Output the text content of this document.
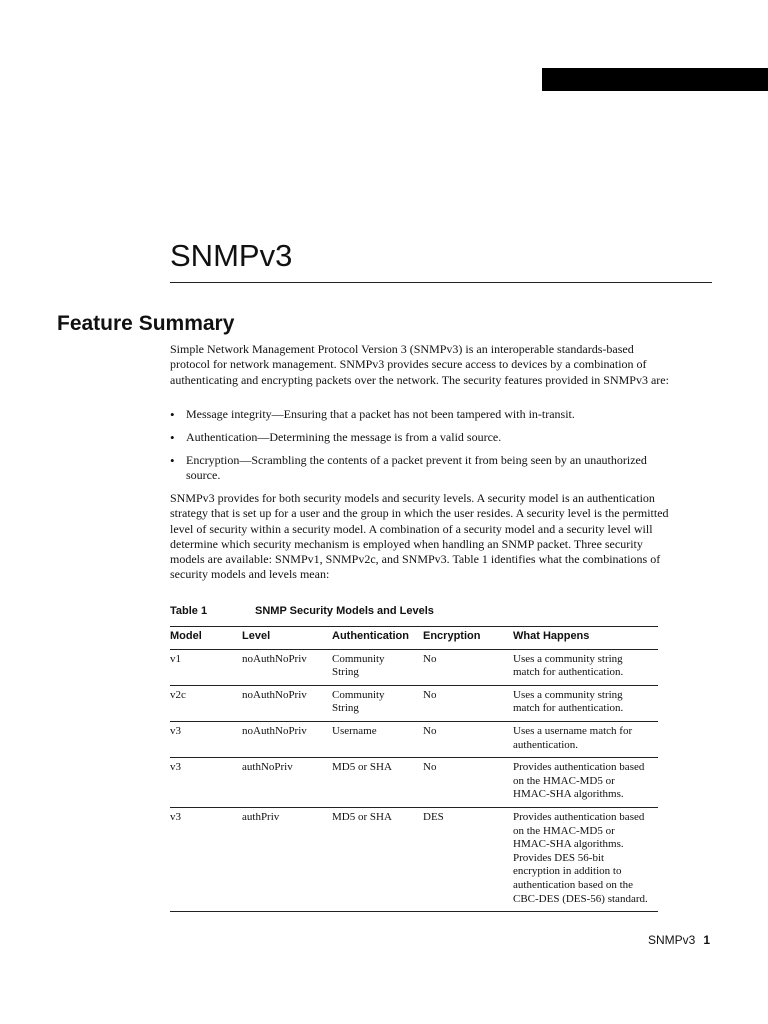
SNMPv3
Feature Summary

Simple Network Management Protocol Version 3 (SNMPv3) is an interoperable standards-based protocol for network management. SNMPv3 provides secure access to devices by a combination of authenticating and encrypting packets over the network. The security features provided in SNMPv3 are:

• Message integrity—Ensuring that a packet has not been tampered with in-transit.
• Authentication—Determining the message is from a valid source.
• Encryption—Scrambling the contents of a packet prevent it from being seen by an unauthorized source.

SNMPv3 provides for both security models and security levels. A security model is an authentication strategy that is set up for a user and the group in which the user resides. A security level is the permitted level of security within a security model. A combination of a security model and a security level will determine which security mechanism is employed when handling an SNMP packet. Three security models are available: SNMPv1, SNMPv2c, and SNMPv3. Table 1 identifies what the combinations of security models and levels mean:

Table 1	SNMP Security Models and Levels
Model	Level	Authentication	Encryption	What Happens
v1	noAuthNoPriv	Community String	No	Uses a community string match for authentication.

v2c	noAuthNoPriv	Community String	No	Uses a community string match for authentication.

v3	noAuthNoPriv	Username	No	Uses a username match for authentication.

v3	authNoPriv	MD5 or SHA	No	Provides authentication based on the HMAC-MD5 or HMAC-SHA algorithms.

v3	authPriv	MD5 or SHA	DES	Provides authentication based on the HMAC-MD5 or HMAC-SHA algorithms. Provides DES 56-bit encryption in addition to authentication based on the CBC-DES (DES-56) standard.
SNMPv3 1
